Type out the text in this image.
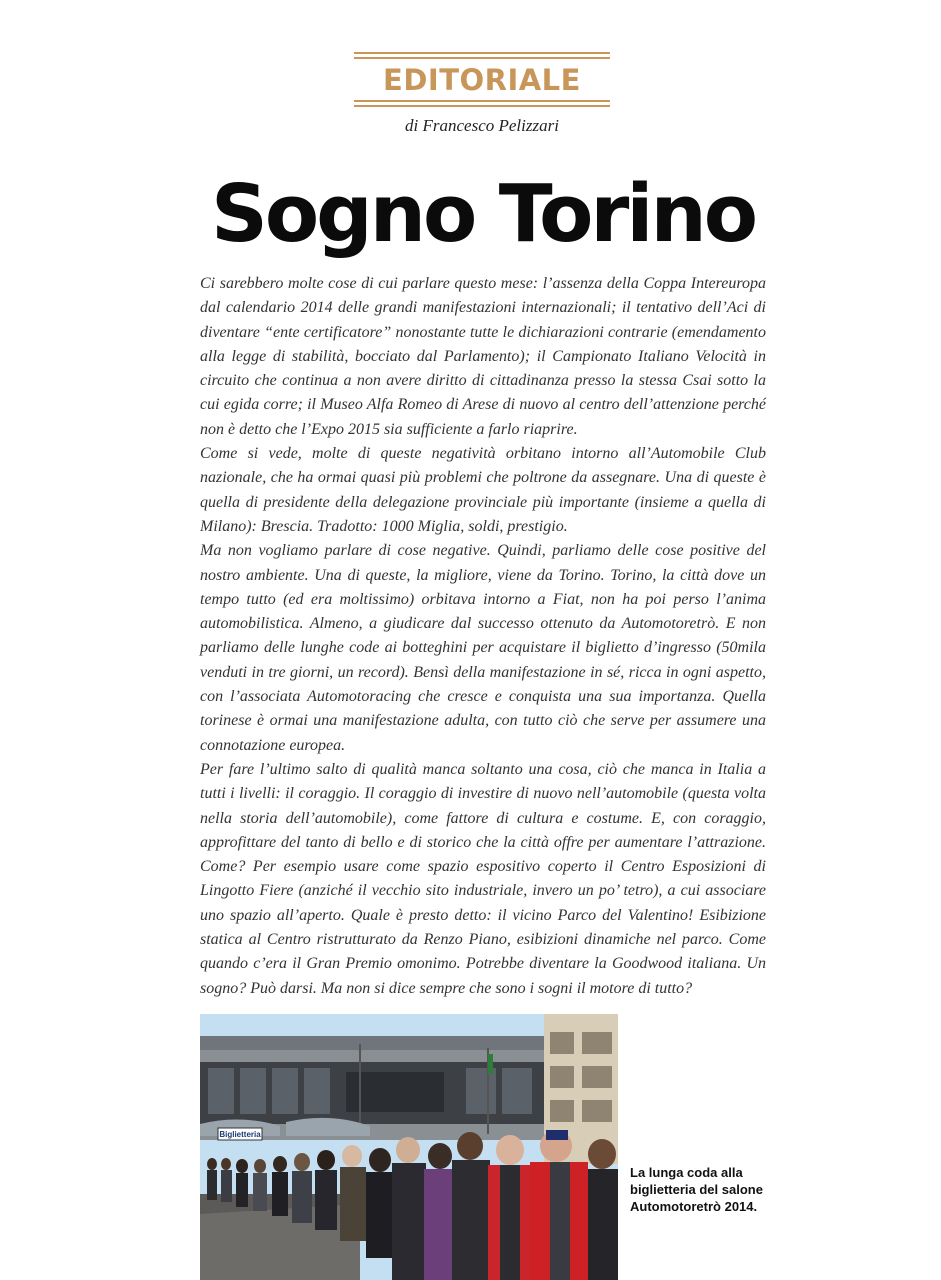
EDITORIALE
di Francesco Pelizzari
Sogno Torino

Ci sarebbero molte cose di cui parlare questo mese: l’assenza della Coppa Intereuropa dal calendario 2014 delle grandi manifestazioni internazionali; il tentativo dell’Aci di diventare “ente certificatore” nonostante tutte le dichiarazioni contrarie (emendamento alla legge di stabilità, bocciato dal Parlamento); il Campionato Italiano Velocità in circuito che continua a non avere diritto di cittadinanza presso la stessa Csai sotto la cui egida corre; il Museo Alfa Romeo di Arese di nuovo al centro dell’attenzione perché non è detto che l’Expo 2015 sia sufficiente a farlo riaprire.

Come si vede, molte di queste negatività orbitano intorno all’Automobile Club nazionale, che ha ormai quasi più problemi che poltrone da assegnare. Una di queste è quella di presidente della delegazione provinciale più importante (insieme a quella di Milano): Brescia. Tradotto: 1000 Miglia, soldi, prestigio.

Ma non vogliamo parlare di cose negative. Quindi, parliamo delle cose positive del nostro ambiente. Una di queste, la migliore, viene da Torino. Torino, la città dove un tempo tutto (ed era moltissimo) orbitava intorno a Fiat, non ha poi perso l’anima automobilistica. Almeno, a giudicare dal successo ottenuto da Automotoretrò. E non parliamo delle lunghe code ai botteghini per acquistare il biglietto d’ingresso (50mila venduti in tre giorni, un record). Bensì della manifestazione in sé, ricca in ogni aspetto, con l’associata Automotoracing che cresce e conquista una sua importanza. Quella torinese è ormai una manifestazione adulta, con tutto ciò che serve per assumere una connotazione europea.

Per fare l’ultimo salto di qualità manca soltanto una cosa, ciò che manca in Italia a tutti i livelli: il coraggio. Il coraggio di investire di nuovo nell’automobile (questa volta nella storia dell’automobile), come fattore di cultura e costume. E, con coraggio, approfittare del tanto di bello e di storico che la città offre per aumentare l’attrazione. Come? Per esempio usare come spazio espositivo coperto il Centro Esposizioni di Lingotto Fiere (anziché il vecchio sito industriale, invero un po’ tetro), a cui associare uno spazio all’aperto. Quale è presto detto: il vicino Parco del Valentino! Esibizione statica al Centro ristrutturato da Renzo Piano, esibizioni dinamiche nel parco. Come quando c’era il Gran Premio omonimo. Potrebbe diventare la Goodwood italiana. Un sogno? Può darsi. Ma non si dice sempre che sono i sogni il motore di tutto?

Biglietteria
La lunga coda alla biglietteria del salone Automotoretrò 2014.
